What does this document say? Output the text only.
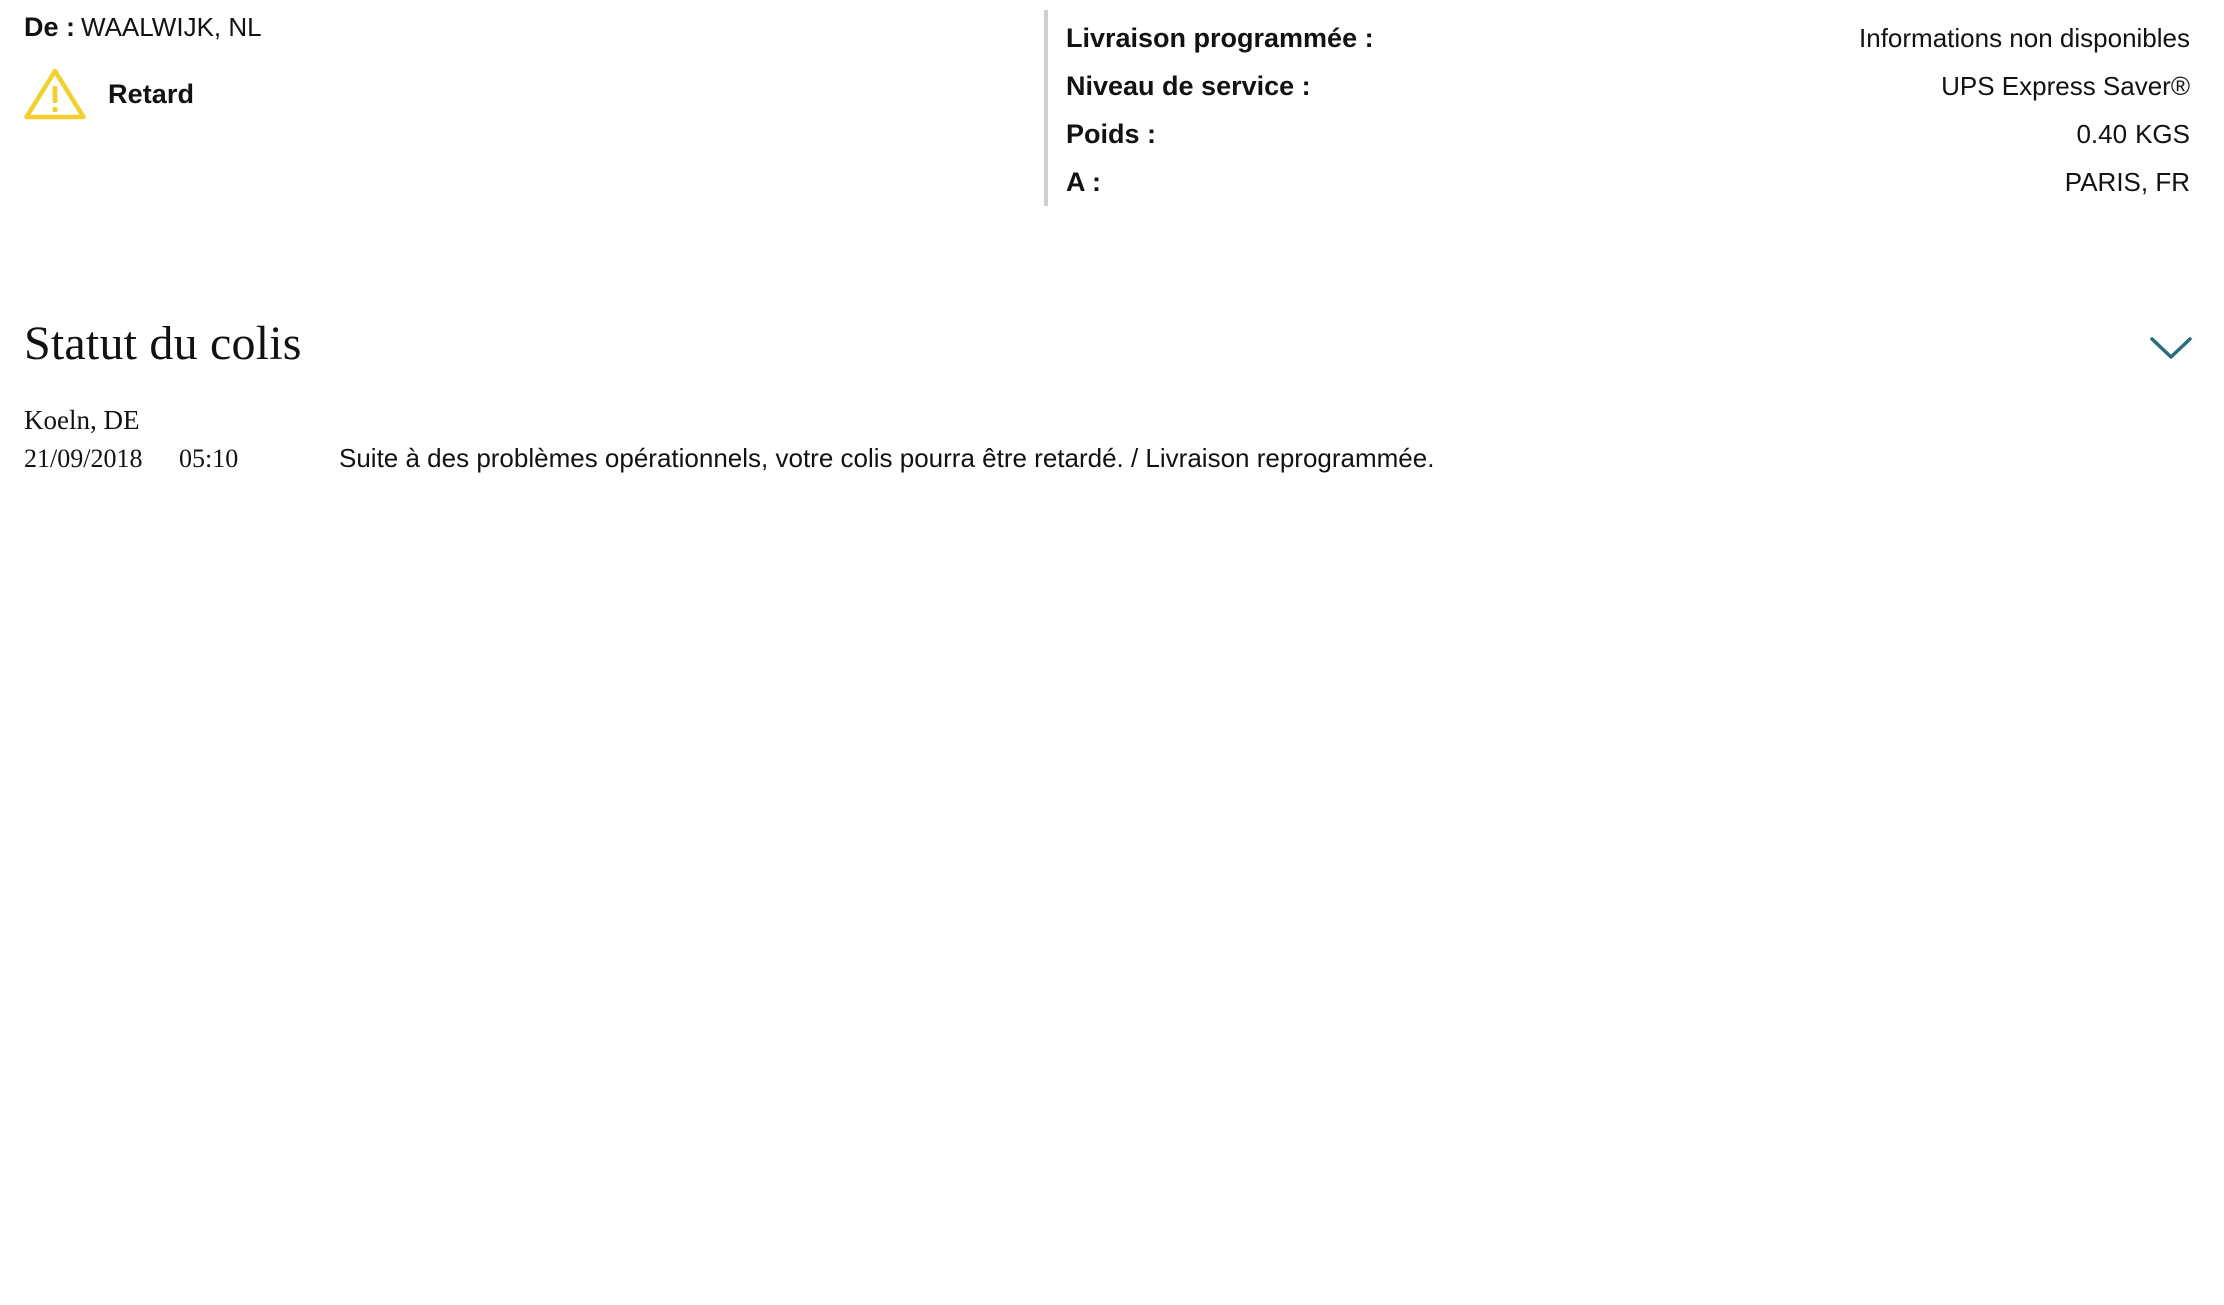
De : WAALWIJK, NL
Retard
Livraison programmée :	Informations non disponibles
Niveau de service :	UPS Express Saver®
Poids :	0.40 KGS
A :	PARIS, FR
Statut du colis
Koeln, DE
21/09/2018	05:10	Suite à des problèmes opérationnels, votre colis pourra être retardé. / Livraison reprogrammée.
